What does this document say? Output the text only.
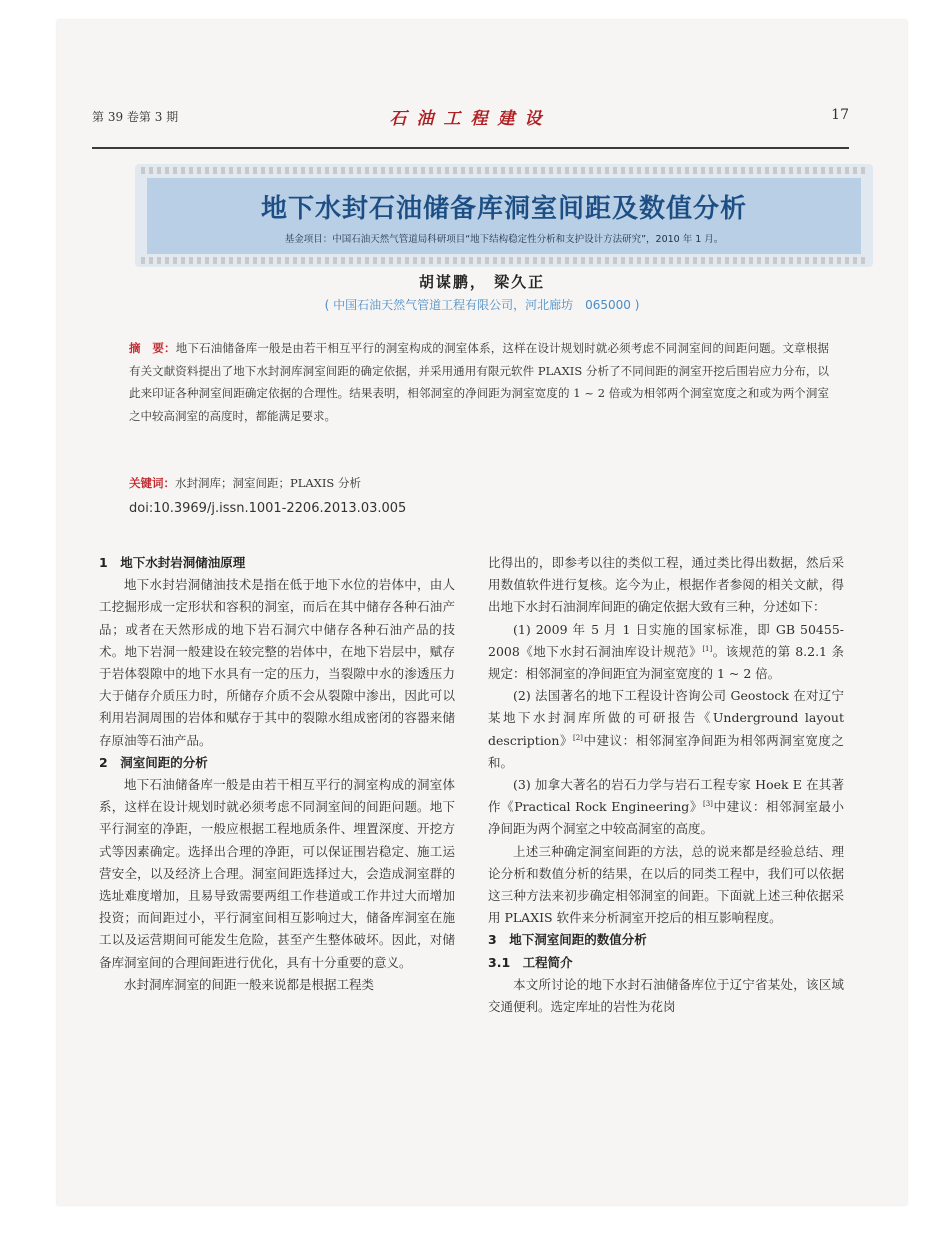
第 39 卷第 3 期	石油工程建设	17
地下水封石油储备库洞室间距及数值分析
基金项目：中国石油天然气管道局科研项目“地下结构稳定性分析和支护设计方法研究”，2010 年 1 月。
胡谋鹏， 梁久正
( 中国石油天然气管道工程有限公司，河北廊坊　065000 )
摘　要：地下石油储备库一般是由若干相互平行的洞室构成的洞室体系，这样在设计规划时就必须考虑不同洞室间的间距问题。文章根据有关文献资料提出了地下水封洞库洞室间距的确定依据，并采用通用有限元软件 PLAXIS 分析了不同间距的洞室开挖后围岩应力分布，以此来印证各种洞室间距确定依据的合理性。结果表明，相邻洞室的净间距为洞室宽度的 1 ~ 2 倍或为相邻两个洞室宽度之和或为两个洞室之中较高洞室的高度时，都能满足要求。
关键词：水封洞库；洞室间距；PLAXIS 分析
doi:10.3969/j.issn.1001-2206.2013.03.005
1　地下水封岩洞储油原理

地下水封岩洞储油技术是指在低于地下水位的岩体中，由人工挖掘形成一定形状和容积的洞室，而后在其中储存各种石油产品；或者在天然形成的地下岩石洞穴中储存各种石油产品的技术。地下岩洞一般建设在较完整的岩体中，在地下岩层中，赋存于岩体裂隙中的地下水具有一定的压力，当裂隙中水的渗透压力大于储存介质压力时，所储存介质不会从裂隙中渗出，因此可以利用岩洞周围的岩体和赋存于其中的裂隙水组成密闭的容器来储存原油等石油产品。

2　洞室间距的分析

地下石油储备库一般是由若干相互平行的洞室构成的洞室体系，这样在设计规划时就必须考虑不同洞室间的间距问题。地下平行洞室的净距，一般应根据工程地质条件、埋置深度、开挖方式等因素确定。选择出合理的净距，可以保证围岩稳定、施工运营安全，以及经济上合理。洞室间距选择过大，会造成洞室群的选址难度增加，且易导致需要两组工作巷道或工作井过大而增加投资；而间距过小，平行洞室间相互影响过大，储备库洞室在施工以及运营期间可能发生危险，甚至产生整体破坏。因此，对储备库洞室间的合理间距进行优化，具有十分重要的意义。

水封洞库洞室的间距一般来说都是根据工程类

比得出的，即参考以往的类似工程，通过类比得出数据，然后采用数值软件进行复核。迄今为止，根据作者参阅的相关文献，得出地下水封石油洞库间距的确定依据大致有三种，分述如下：

(1) 2009 年 5 月 1 日实施的国家标准，即 GB 50455-2008《地下水封石洞油库设计规范》[1]。该规范的第 8.2.1 条规定：相邻洞室的净间距宜为洞室宽度的 1 ~ 2 倍。

(2) 法国著名的地下工程设计咨询公司 Geostock 在对辽宁某地下水封洞库所做的可研报告《Underground layout description》[2]中建议：相邻洞室净间距为相邻两洞室宽度之和。

(3) 加拿大著名的岩石力学与岩石工程专家 Hoek E 在其著作《Practical Rock Engineering》[3]中建议：相邻洞室最小净间距为两个洞室之中较高洞室的高度。

上述三种确定洞室间距的方法，总的说来都是经验总结、理论分析和数值分析的结果，在以后的同类工程中，我们可以依据这三种方法来初步确定相邻洞室的间距。下面就上述三种依据采用 PLAXIS 软件来分析洞室开挖后的相互影响程度。

3　地下洞室间距的数值分析
3.1　工程简介

本文所讨论的地下水封石油储备库位于辽宁省某处，该区域交通便利。选定库址的岩性为花岗
